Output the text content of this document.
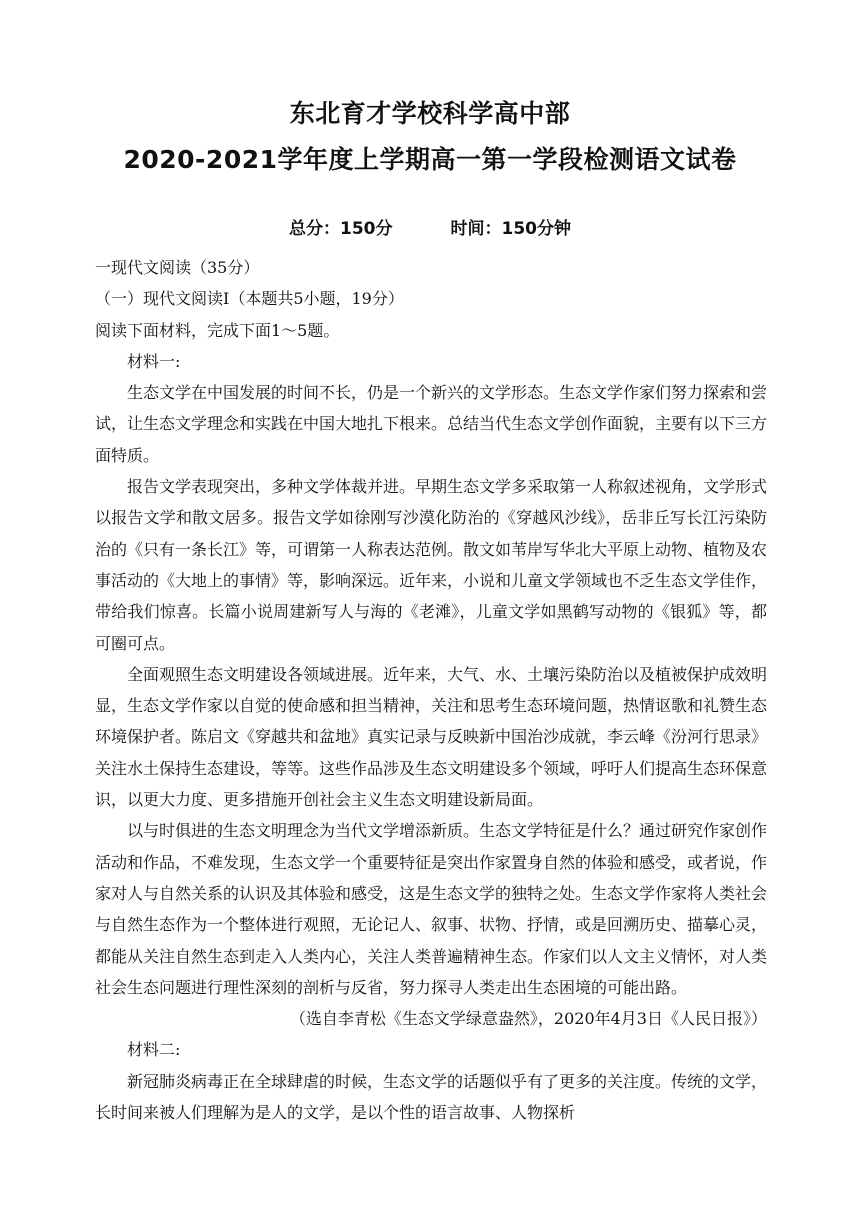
东北育才学校科学高中部
2020-2021学年度上学期高一第一学段检测语文试卷
总分：150分	时间：150分钟
一现代文阅读（35分）
（一）现代文阅读Ⅰ（本题共5小题，19分）
阅读下面材料，完成下面1～5题。
材料一:
生态文学在中国发展的时间不长，仍是一个新兴的文学形态。生态文学作家们努力探索和尝试，让生态文学理念和实践在中国大地扎下根来。总结当代生态文学创作面貌，主要有以下三方面特质。
报告文学表现突出，多种文学体裁并进。早期生态文学多采取第一人称叙述视角，文学形式以报告文学和散文居多。报告文学如徐刚写沙漠化防治的《穿越风沙线》，岳非丘写长江污染防治的《只有一条长江》等，可谓第一人称表达范例。散文如苇岸写华北大平原上动物、植物及农事活动的《大地上的事情》等，影响深远。近年来，小说和儿童文学领域也不乏生态文学佳作，带给我们惊喜。长篇小说周建新写人与海的《老滩》，儿童文学如黑鹤写动物的《银狐》等，都可圈可点。
全面观照生态文明建设各领域进展。近年来，大气、水、土壤污染防治以及植被保护成效明显，生态文学作家以自觉的使命感和担当精神，关注和思考生态环境问题，热情讴歌和礼赞生态环境保护者。陈启文《穿越共和盆地》真实记录与反映新中国治沙成就，李云峰《汾河行思录》关注水土保持生态建设，等等。这些作品涉及生态文明建设多个领域，呼吁人们提高生态环保意识，以更大力度、更多措施开创社会主义生态文明建设新局面。
以与时俱进的生态文明理念为当代文学增添新质。生态文学特征是什么？通过研究作家创作活动和作品，不难发现，生态文学一个重要特征是突出作家置身自然的体验和感受，或者说，作家对人与自然关系的认识及其体验和感受，这是生态文学的独特之处。生态文学作家将人类社会与自然生态作为一个整体进行观照，无论记人、叙事、状物、抒情，或是回溯历史、描摹心灵，都能从关注自然生态到走入人类内心，关注人类普遍精神生态。作家们以人文主义情怀，对人类社会生态问题进行理性深刻的剖析与反省，努力探寻人类走出生态困境的可能出路。
（选自李青松《生态文学绿意盎然》，2020年4月3日《人民日报》）
材料二:
新冠肺炎病毒正在全球肆虐的时候，生态文学的话题似乎有了更多的关注度。传统的文学，长时间来被人们理解为是人的文学，是以个性的语言故事、人物探析
